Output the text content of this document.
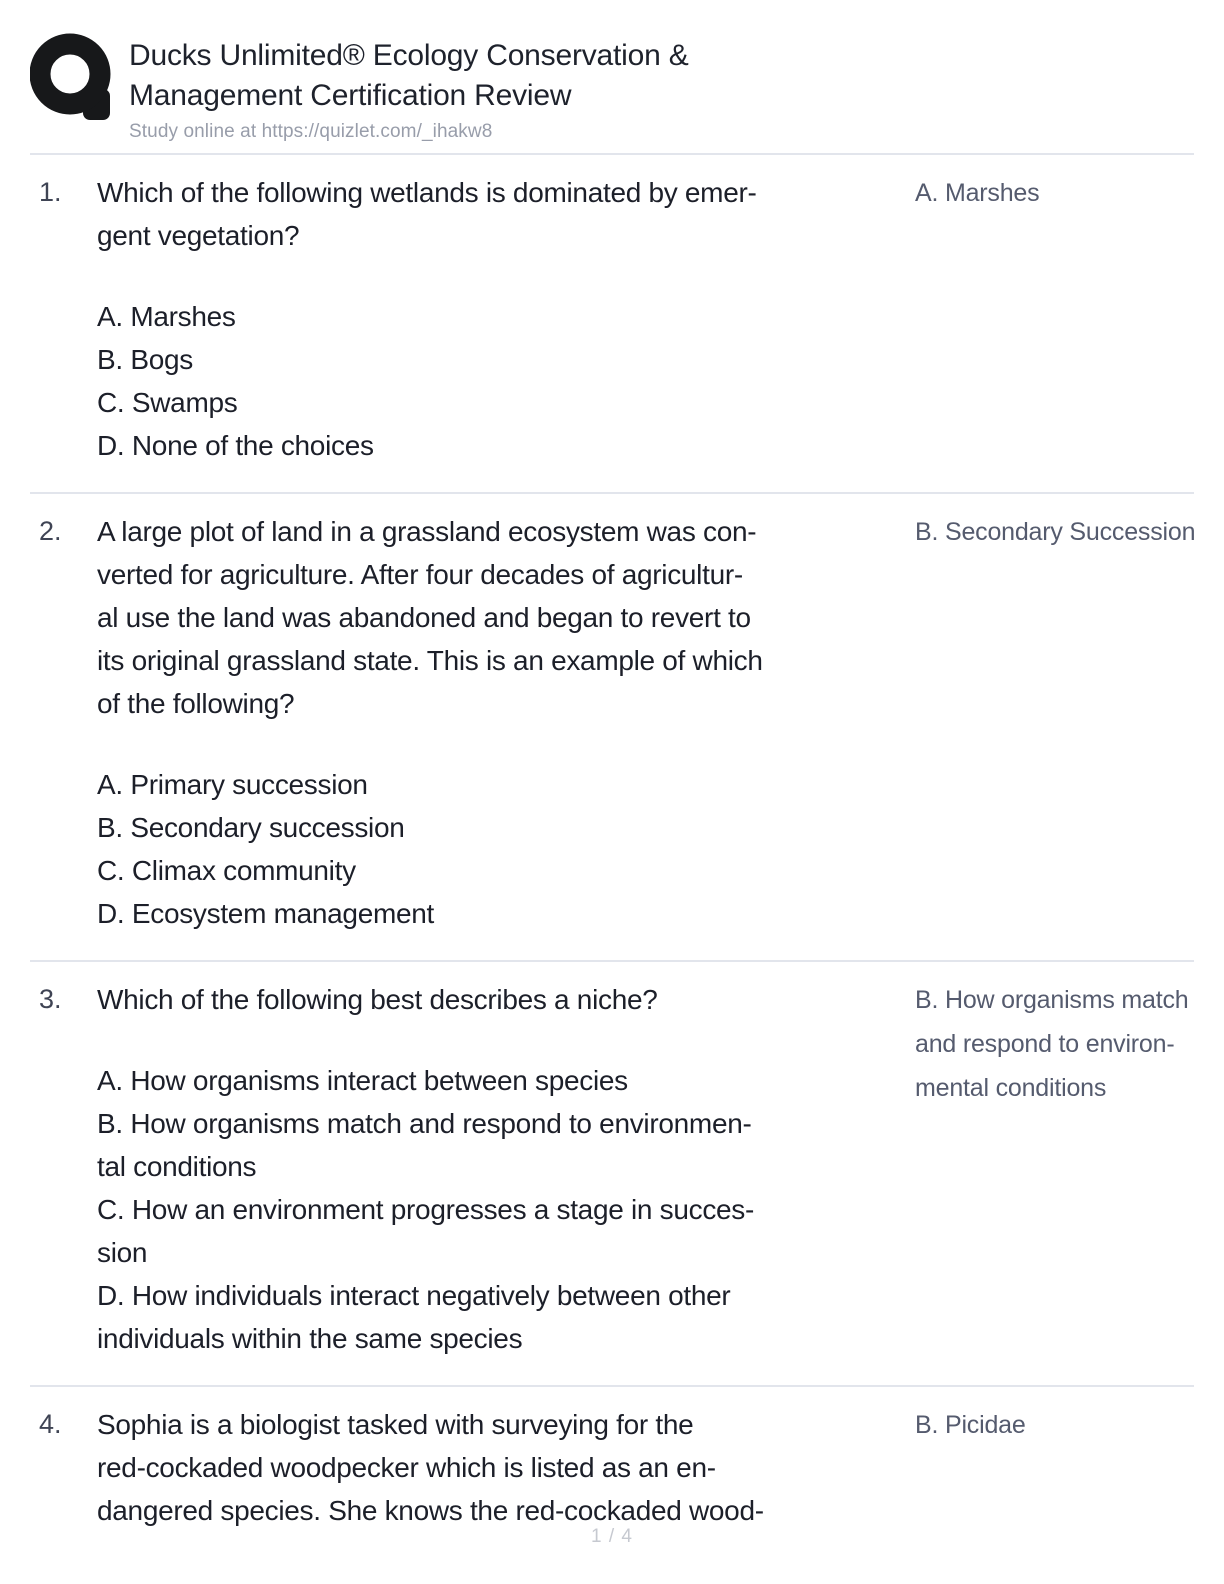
Ducks Unlimited® Ecology Conservation &
Management Certification Review
Study online at https://quizlet.com/_ihakw8
1.	Which of the following wetlands is dominated by emer-
gent vegetation?
A. Marshes
B. Bogs
C. Swamps
D. None of the choices
A. Marshes
2.	A large plot of land in a grassland ecosystem was con-
verted for agriculture. After four decades of agricultur-
al use the land was abandoned and began to revert to
its original grassland state. This is an example of which
of the following?
A. Primary succession
B. Secondary succession
C. Climax community
D. Ecosystem management
B. Secondary Succession
3.	Which of the following best describes a niche?
A. How organisms interact between species
B. How organisms match and respond to environmen-
tal conditions
C. How an environment progresses a stage in succes-
sion
D. How individuals interact negatively between other
individuals within the same species
B. How organisms match
and respond to environ-
mental conditions
4.	Sophia is a biologist tasked with surveying for the
red-cockaded woodpecker which is listed as an en-
dangered species. She knows the red-cockaded wood-
B. Picidae
1 / 4
